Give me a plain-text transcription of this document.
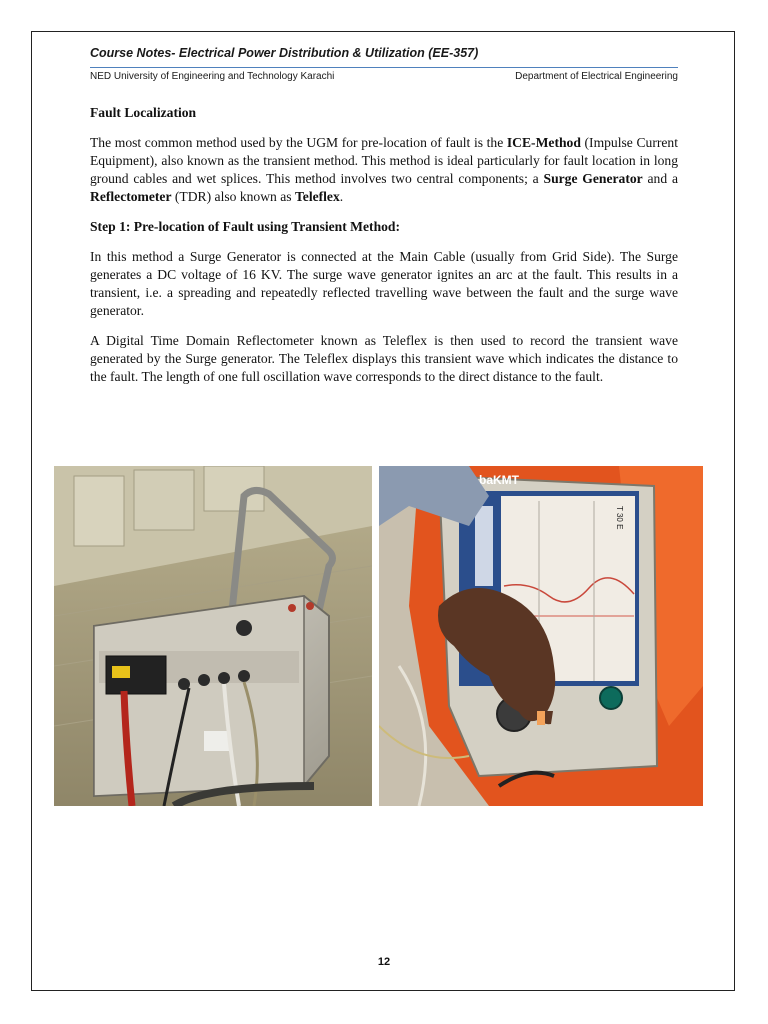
Course Notes- Electrical Power Distribution & Utilization (EE-357)
NED University of Engineering and Technology Karachi	Department of Electrical Engineering
Fault Localization

The most common method used by the UGM for pre-location of fault is the ICE-Method (Impulse Current Equipment), also known as the transient method. This method is ideal particularly for fault location in long ground cables and wet splices. This method involves two central components; a Surge Generator and a Reflectometer (TDR) also known as Teleflex.

Step 1: Pre-location of Fault using Transient Method:

In this method a Surge Generator is connected at the Main Cable (usually from Grid Side). The Surge generates a DC voltage of 16 KV. The surge wave generator ignites an arc at the fault. This results in a transient, i.e. a spreading and repeatedly reflected travelling wave between the fault and the surge wave generator.

A Digital Time Domain Reflectometer known as Teleflex is then used to record the transient wave generated by the Surge generator. The Teleflex displays this transient wave which indicates the distance to the fault. The length of one full oscillation wave corresponds to the direct distance to the fault.

baKMT
T 30 E
12
